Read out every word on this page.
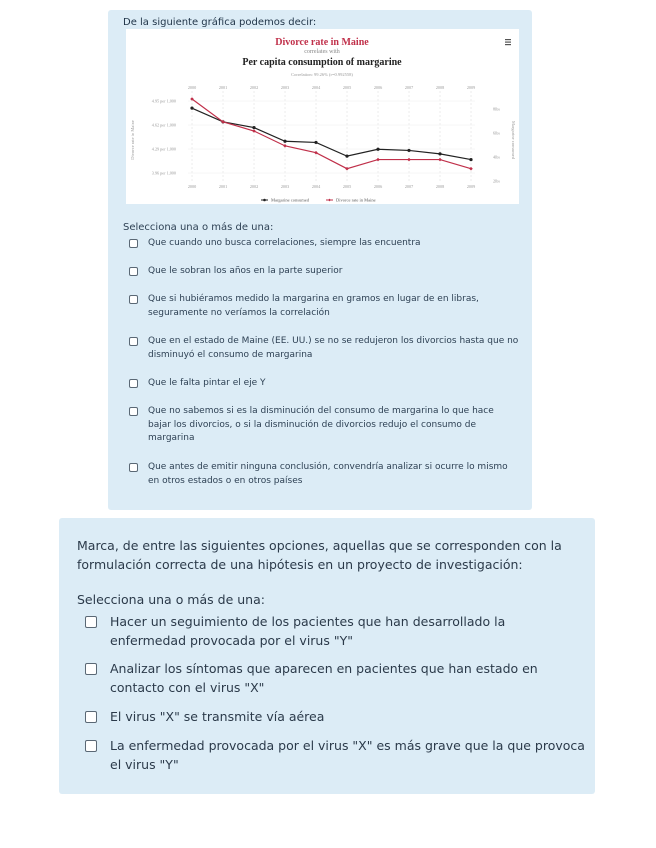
De la siguiente gráfica podemos decir:
Divorce rate in Maine
correlates with
Per capita consumption of margarine
Correlation: 99.26% (r=0.992558)
2000
2000
2001
2001
2002
2002
2003
2003
2004
2004
2005
2005
2006
2006
2007
2007
2008
2008
2009
2009
4.95 per 1,000
4.62 per 1,000
4.29 per 1,000
3.96 per 1,000
8lbs
6lbs
4lbs
2lbs
Divorce rate in Maine	Margarine consumed
Margarine consumed	Divorce rate in Maine
Selecciona una o más de una:
Que cuando uno busca correlaciones, siempre las encuentra
Que le sobran los años en la parte superior
Que si hubiéramos medido la margarina en gramos en lugar de en libras, seguramente no veríamos la correlación
Que en el estado de Maine (EE. UU.) se no se redujeron los divorcios hasta que no disminuyó el consumo de margarina
Que le falta pintar el eje Y
Que no sabemos si es la disminución del consumo de margarina lo que hace bajar los divorcios, o si la disminución de divorcios redujo el consumo de margarina
Que antes de emitir ninguna conclusión, convendría analizar si ocurre lo mismo en otros estados o en otros países
Marca, de entre las siguientes opciones, aquellas que se corresponden con la formulación correcta de una hipótesis en un proyecto de investigación:
Selecciona una o más de una:
Hacer un seguimiento de los pacientes que han desarrollado la enfermedad provocada por el virus "Y"
Analizar los síntomas que aparecen en pacientes que han estado en contacto con el virus "X"
El virus "X" se transmite vía aérea
La enfermedad provocada por el virus "X" es más grave que la que provoca el virus "Y"
